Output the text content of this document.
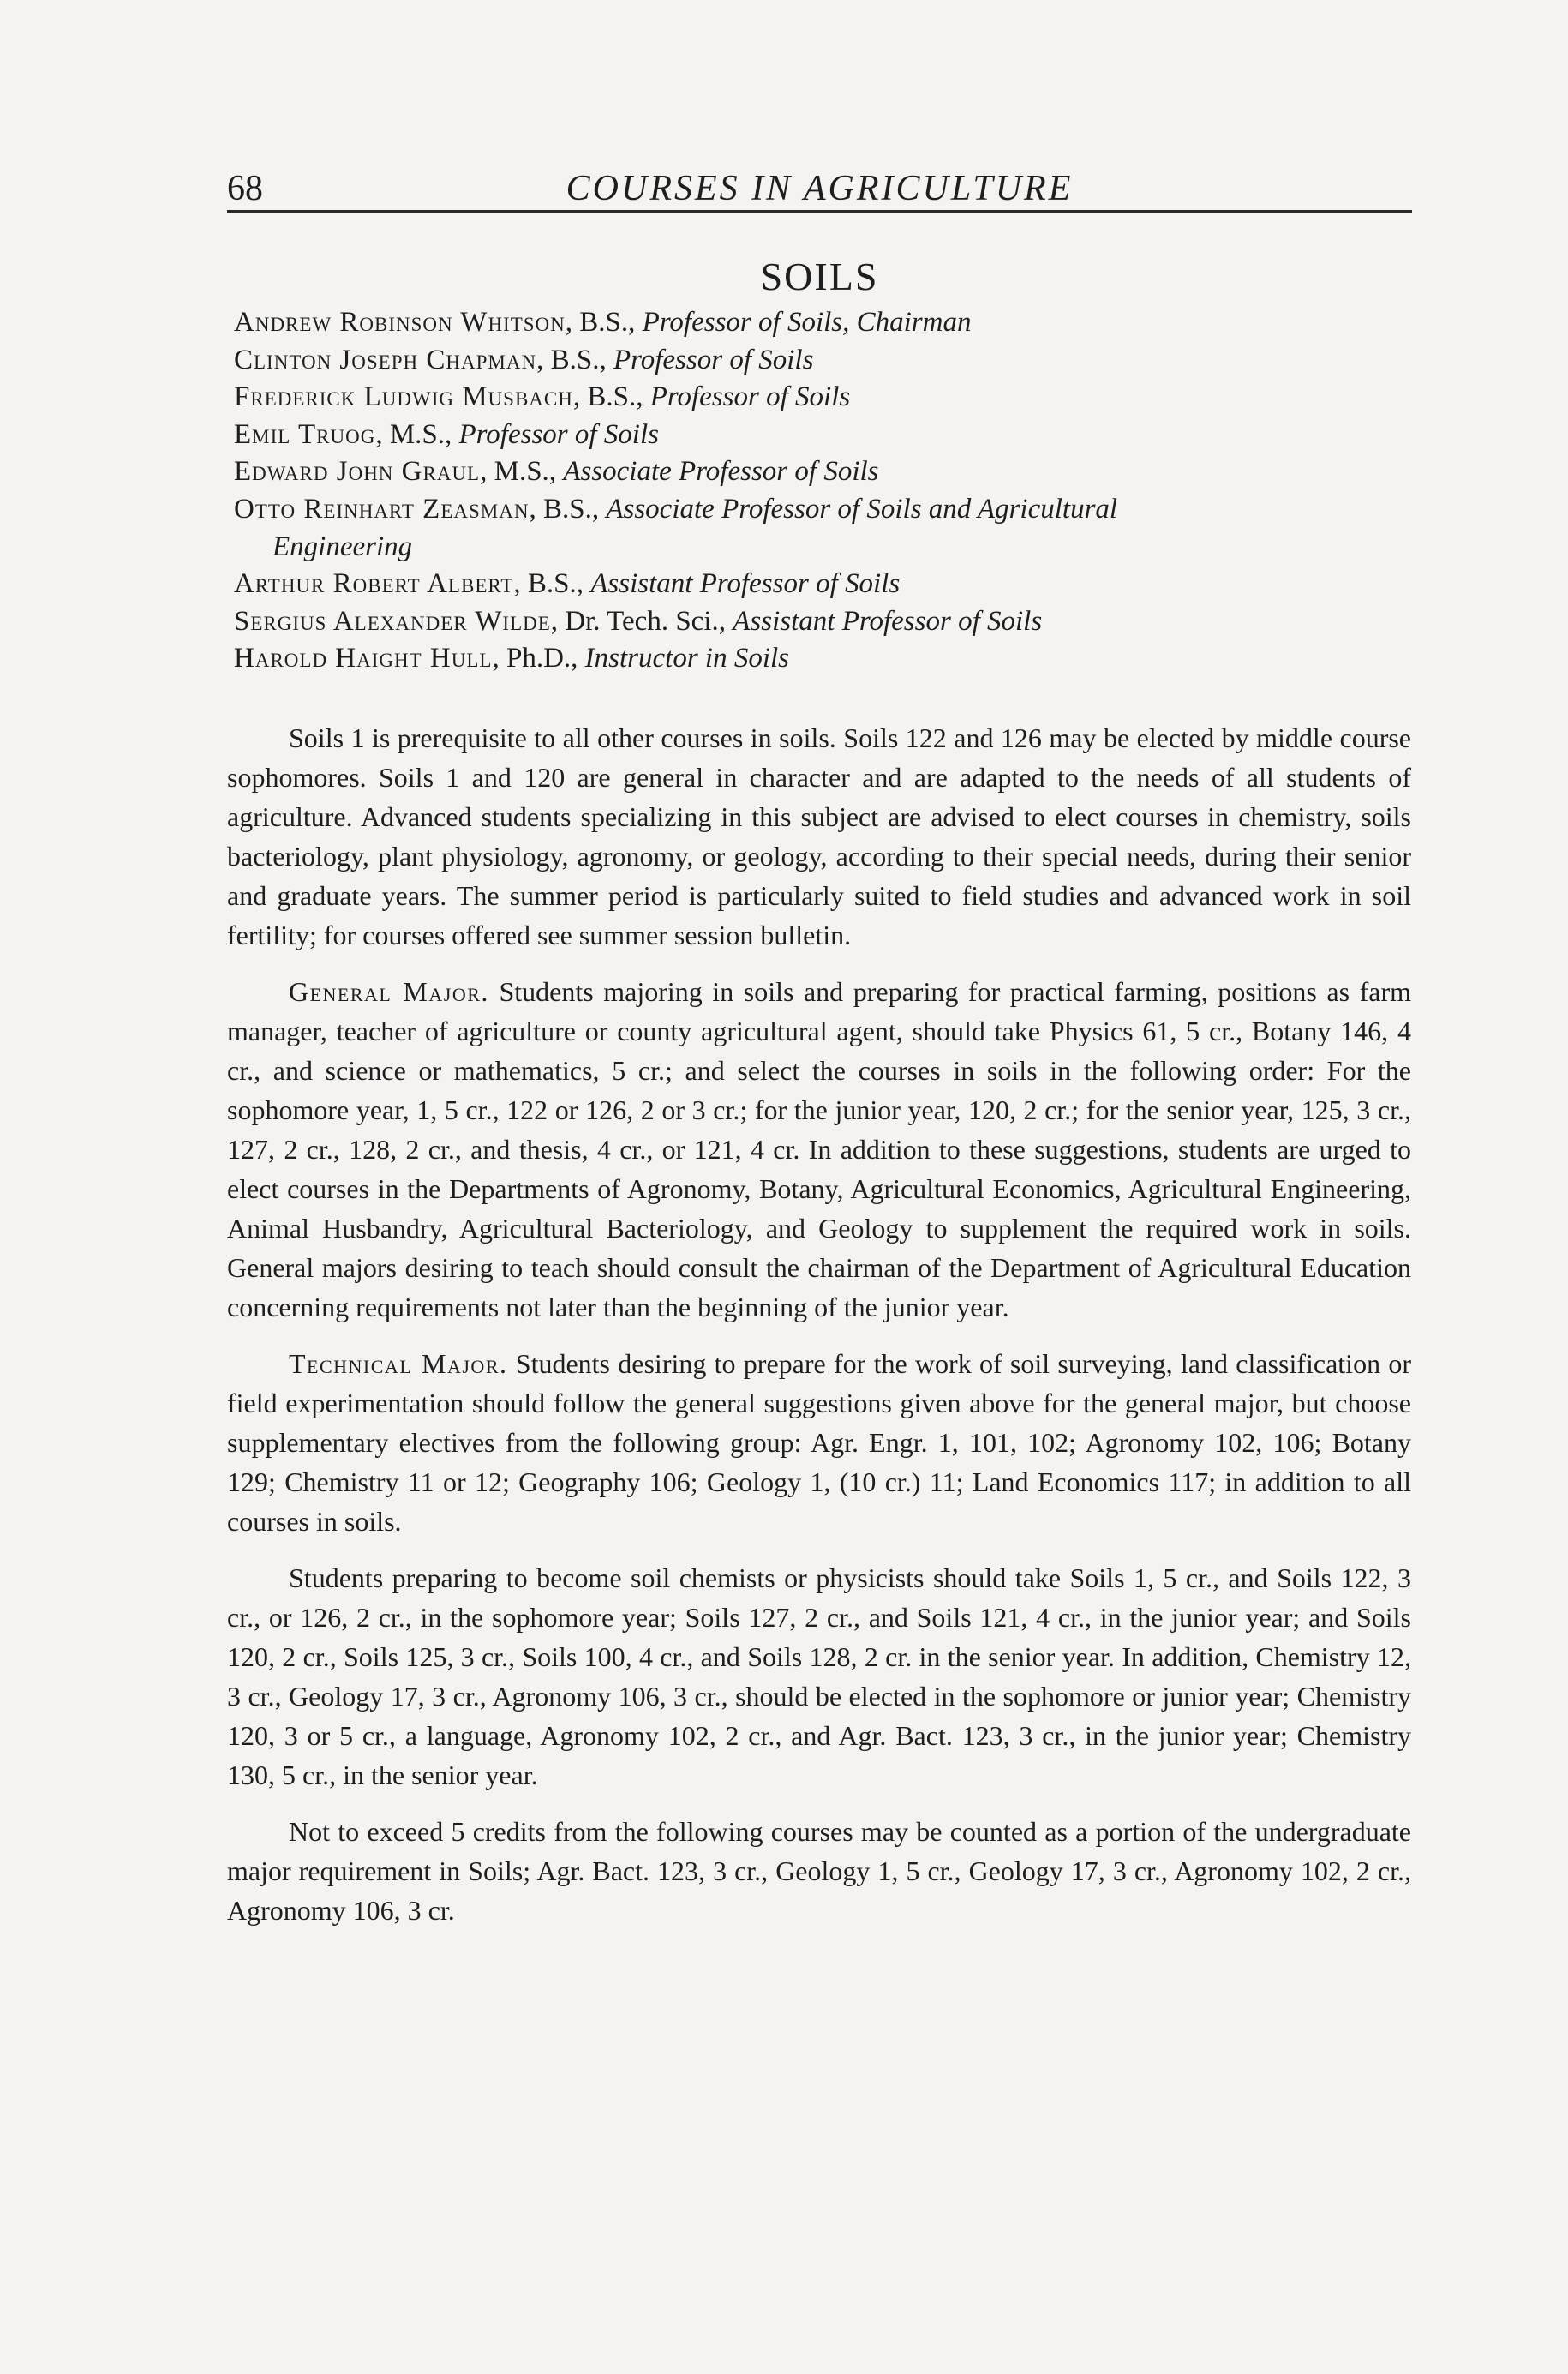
68	COURSES IN AGRICULTURE
SOILS
Andrew Robinson Whitson, B.S., Professor of Soils, Chairman
Clinton Joseph Chapman, B.S., Professor of Soils
Frederick Ludwig Musbach, B.S., Professor of Soils
Emil Truog, M.S., Professor of Soils
Edward John Graul, M.S., Associate Professor of Soils
Otto Reinhart Zeasman, B.S., Associate Professor of Soils and Agricultural
Engineering
Arthur Robert Albert, B.S., Assistant Professor of Soils
Sergius Alexander Wilde, Dr. Tech. Sci., Assistant Professor of Soils
Harold Haight Hull, Ph.D., Instructor in Soils

Soils 1 is prerequisite to all other courses in soils. Soils 122 and 126 may be elected by middle course sophomores. Soils 1 and 120 are general in character and are adapted to the needs of all students of agriculture. Advanced students specializing in this subject are advised to elect courses in chemistry, soils bacteriology, plant physiology, agronomy, or geology, according to their special needs, during their senior and graduate years. The summer period is particularly suited to field studies and advanced work in soil fertility; for courses offered see summer session bulletin.

General Major. Students majoring in soils and preparing for practical farming, positions as farm manager, teacher of agriculture or county agricultural agent, should take Physics 61, 5 cr., Botany 146, 4 cr., and science or mathematics, 5 cr.; and select the courses in soils in the following order: For the sophomore year, 1, 5 cr., 122 or 126, 2 or 3 cr.; for the junior year, 120, 2 cr.; for the senior year, 125, 3 cr., 127, 2 cr., 128, 2 cr., and thesis, 4 cr., or 121, 4 cr. In addition to these suggestions, students are urged to elect courses in the Departments of Agronomy, Botany, Agricultural Economics, Agricultural Engineering, Animal Husbandry, Agricultural Bacteriology, and Geology to supplement the required work in soils. General majors desiring to teach should consult the chairman of the Department of Agricultural Education concerning requirements not later than the beginning of the junior year.

Technical Major. Students desiring to prepare for the work of soil surveying, land classification or field experimentation should follow the general suggestions given above for the general major, but choose supplementary electives from the following group: Agr. Engr. 1, 101, 102; Agronomy 102, 106; Botany 129; Chemistry 11 or 12; Geography 106; Geology 1, (10 cr.) 11; Land Economics 117; in addition to all courses in soils.

Students preparing to become soil chemists or physicists should take Soils 1, 5 cr., and Soils 122, 3 cr., or 126, 2 cr., in the sophomore year; Soils 127, 2 cr., and Soils 121, 4 cr., in the junior year; and Soils 120, 2 cr., Soils 125, 3 cr., Soils 100, 4 cr., and Soils 128, 2 cr. in the senior year. In addition, Chemistry 12, 3 cr., Geology 17, 3 cr., Agronomy 106, 3 cr., should be elected in the sophomore or junior year; Chemistry 120, 3 or 5 cr., a language, Agronomy 102, 2 cr., and Agr. Bact. 123, 3 cr., in the junior year; Chemistry 130, 5 cr., in the senior year.

Not to exceed 5 credits from the following courses may be counted as a portion of the undergraduate major requirement in Soils; Agr. Bact. 123, 3 cr., Geology 1, 5 cr., Geology 17, 3 cr., Agronomy 102, 2 cr., Agronomy 106, 3 cr.
